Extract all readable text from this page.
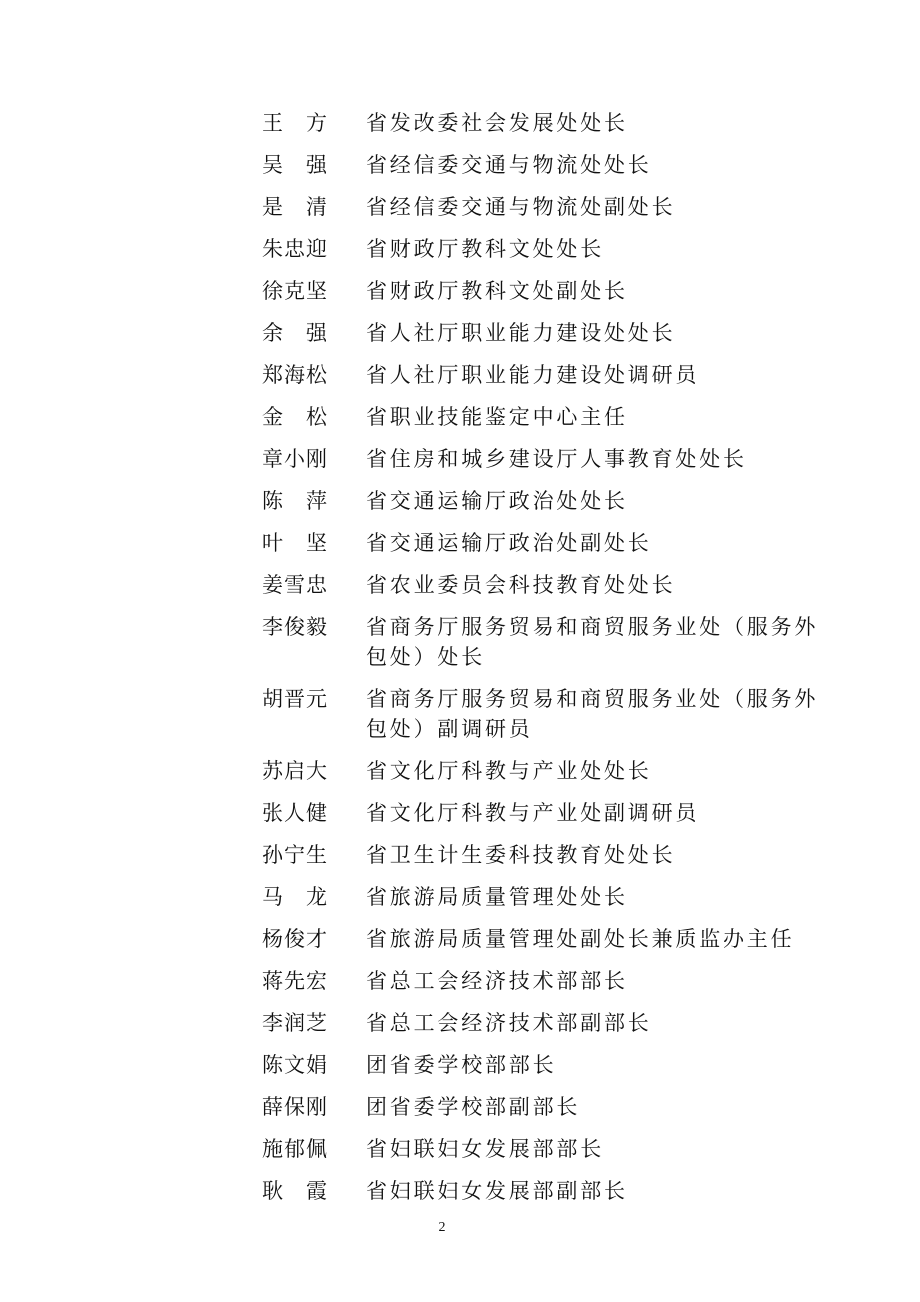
王　方	省发改委社会发展处处长
吴　强	省经信委交通与物流处处长
是　清	省经信委交通与物流处副处长
朱忠迎	省财政厅教科文处处长
徐克坚	省财政厅教科文处副处长
余　强	省人社厅职业能力建设处处长
郑海松	省人社厅职业能力建设处调研员
金　松	省职业技能鉴定中心主任
章小刚	省住房和城乡建设厅人事教育处处长
陈　萍	省交通运输厅政治处处长
叶　坚	省交通运输厅政治处副处长
姜雪忠	省农业委员会科技教育处处长
李俊毅	省商务厅服务贸易和商贸服务业处（服务外包处）处长
胡晋元	省商务厅服务贸易和商贸服务业处（服务外包处）副调研员
苏启大	省文化厅科教与产业处处长
张人健	省文化厅科教与产业处副调研员
孙宁生	省卫生计生委科技教育处处长
马　龙	省旅游局质量管理处处长
杨俊才	省旅游局质量管理处副处长兼质监办主任
蒋先宏	省总工会经济技术部部长
李润芝	省总工会经济技术部副部长
陈文娟	团省委学校部部长
薛保刚	团省委学校部副部长
施郁佩	省妇联妇女发展部部长
耿　霞	省妇联妇女发展部副部长
2
